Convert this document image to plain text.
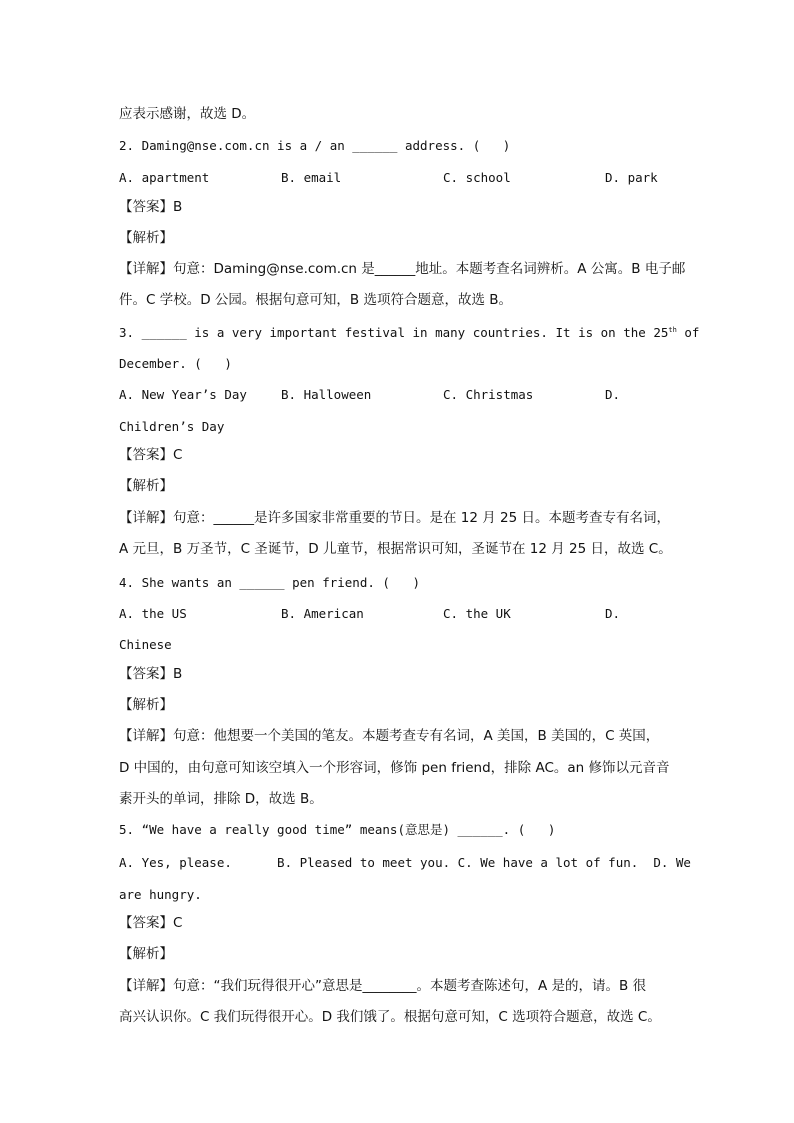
应表示感谢，故选 D。
2. Daming@nse.com.cn is a / an ______ address. (   )
A. apartment	B. email	C. school	D. park
【答案】B
【解析】
【详解】句意：Daming@nse.com.cn 是______地址。本题考查名词辨析。A 公寓。B 电子邮
件。C 学校。D 公园。根据句意可知，B 选项符合题意，故选 B。
3. ______ is a very important festival in many countries. It is on the 25th of
December. (   )
A. New Year’s Day	B. Halloween	C. Christmas	D.
Children’s Day
【答案】C
【解析】
【详解】句意：______是许多国家非常重要的节日。是在 12 月 25 日。本题考查专有名词，
A 元旦，B 万圣节，C 圣诞节，D 儿童节，根据常识可知，圣诞节在 12 月 25 日，故选 C。
4. She wants an ______ pen friend. (   )
A. the US	B. American	C. the UK	D.
Chinese
【答案】B
【解析】
【详解】句意：他想要一个美国的笔友。本题考查专有名词，A 美国，B 美国的，C 英国，
D 中国的，由句意可知该空填入一个形容词，修饰 pen friend，排除 AC。an 修饰以元音音
素开头的单词，排除 D，故选 B。
5. “We have a really good time” means(意思是) ______. (   )
A. Yes, please.      B. Pleased to meet you. C. We have a lot of fun.  D. We
are hungry.
【答案】C
【解析】
【详解】句意：“我们玩得很开心”意思是________。本题考查陈述句，A 是的，请。B 很
高兴认识你。C 我们玩得很开心。D 我们饿了。根据句意可知，C 选项符合题意，故选 C。
